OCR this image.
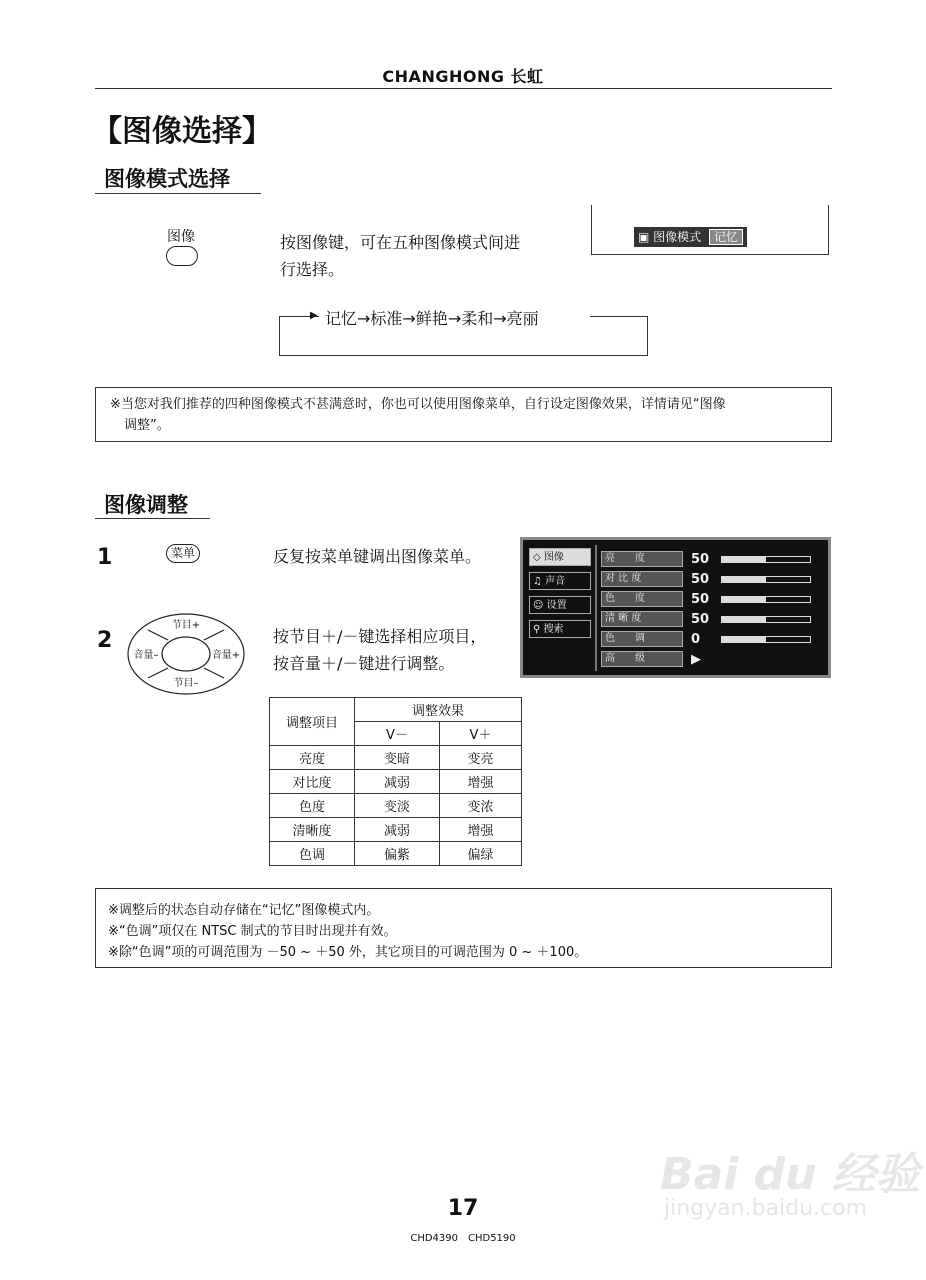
CHANGHONG 长虹
【图像选择】
图像模式选择
图像	按图像键，可在五种图像模式间进
行选择。
▣ 图像模式 记忆
▶ 记忆→标准→鲜艳→柔和→亮丽
※当您对我们推荐的四种图像模式不甚满意时，你也可以使用图像菜单，自行设定图像效果，详情请见“图像
调整”。
图像调整
1	菜单	反复按菜单键调出图像菜单。
2
节目+
节目–
音量–	音量+
按节目＋/－键选择相应项目，
按音量＋/－键进行调整。
◇ 图像
♫ 声音
☺ 设置
⚲ 搜索
亮　　度	50
对 比 度	50
色　　度	50
清 晰 度	50
色　　调	0
高　　级	▶
调整项目	调整效果	
	V－	V＋
亮度	变暗	变亮
对比度	减弱	增强
色度	变淡	变浓
清晰度	减弱	增强
色调	偏紫	偏绿
※调整后的状态自动存储在“记忆”图像模式内。
※“色调”项仅在 NTSC 制式的节目时出现并有效。
※除“色调”项的可调范围为 －50 ~ ＋50 外，其它项目的可调范围为 0 ~ ＋100。
Bai du 经验
jingyan.baidu.com
17
CHD4390　CHD5190
